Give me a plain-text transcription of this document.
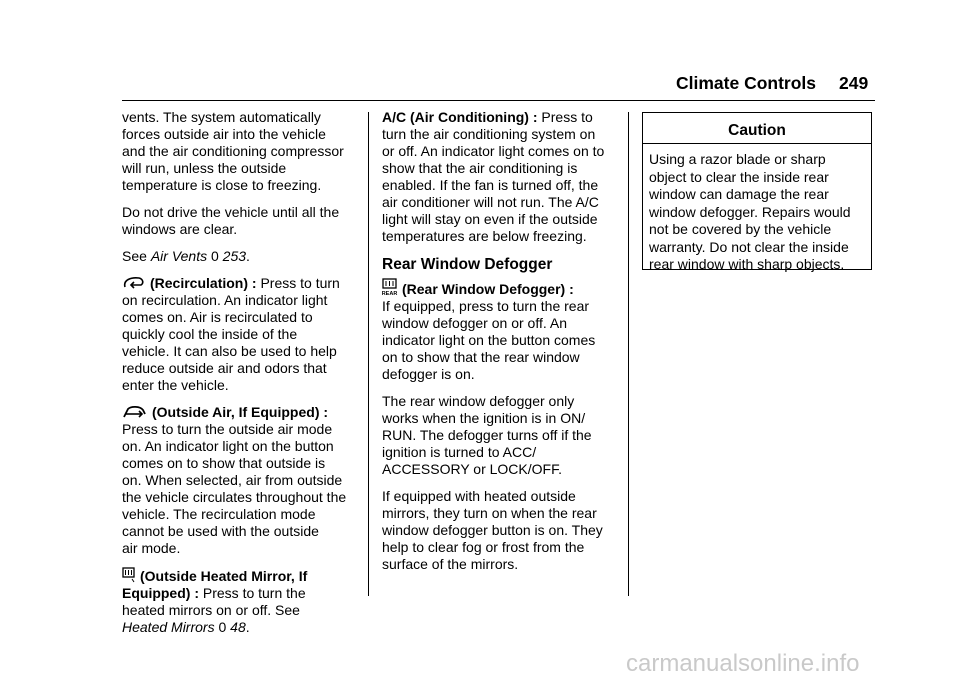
Climate Controls 249

vents. The system automatically
forces outside air into the vehicle
and the air conditioning compressor
will run, unless the outside
temperature is close to freezing.

Do not drive the vehicle until all the
windows are clear.

See Air Vents 0 253.

(Recirculation) : Press to turn
on recirculation. An indicator light
comes on. Air is recirculated to
quickly cool the inside of the
vehicle. It can also be used to help
reduce outside air and odors that
enter the vehicle.

(Outside Air, If Equipped) :
Press to turn the outside air mode
on. An indicator light on the button
comes on to show that outside is
on. When selected, air from outside
the vehicle circulates throughout the
vehicle. The recirculation mode
cannot be used with the outside
air mode.

(Outside Heated Mirror, If
Equipped) : Press to turn the
heated mirrors on or off. See
Heated Mirrors 0 48.

A/C (Air Conditioning) : Press to
turn the air conditioning system on
or off. An indicator light comes on to
show that the air conditioning is
enabled. If the fan is turned off, the
air conditioner will not run. The A/C
light will stay on even if the outside
temperatures are below freezing.

Rear Window Defogger

REAR (Rear Window Defogger) :
If equipped, press to turn the rear
window defogger on or off. An
indicator light on the button comes
on to show that the rear window
defogger is on.

The rear window defogger only
works when the ignition is in ON/
RUN. The defogger turns off if the
ignition is turned to ACC/
ACCESSORY or LOCK/OFF.

If equipped with heated outside
mirrors, they turn on when the rear
window defogger button is on. They
help to clear fog or frost from the
surface of the mirrors.

Caution
Using a razor blade or sharp
object to clear the inside rear
window can damage the rear
window defogger. Repairs would
not be covered by the vehicle
warranty. Do not clear the inside
rear window with sharp objects.
carmanualsonline.info
